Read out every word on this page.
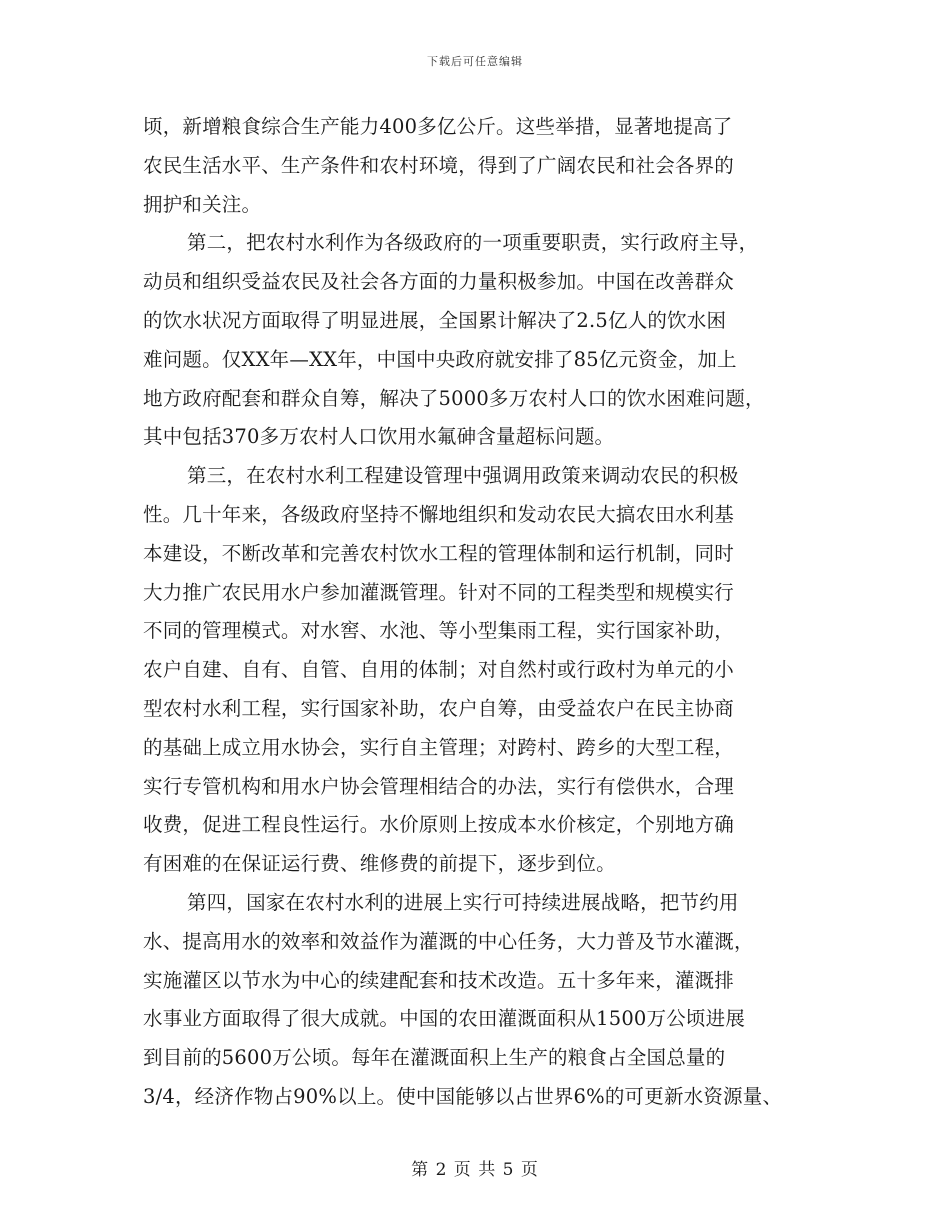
下载后可任意编辑
顷，新增粮食综合生产能力400多亿公斤。这些举措，显著地提高了
农民生活水平、生产条件和农村环境，得到了广阔农民和社会各界的
拥护和关注。
第二，把农村水利作为各级政府的一项重要职责，实行政府主导，
动员和组织受益农民及社会各方面的力量积极参加。中国在改善群众
的饮水状况方面取得了明显进展，全国累计解决了2.5亿人的饮水困
难问题。仅XX年—XX年，中国中央政府就安排了85亿元资金，加上
地方政府配套和群众自筹，解决了5000多万农村人口的饮水困难问题，
其中包括370多万农村人口饮用水氟砷含量超标问题。
第三，在农村水利工程建设管理中强调用政策来调动农民的积极
性。几十年来，各级政府坚持不懈地组织和发动农民大搞农田水利基
本建设，不断改革和完善农村饮水工程的管理体制和运行机制，同时
大力推广农民用水户参加灌溉管理。针对不同的工程类型和规模实行
不同的管理模式。对水窖、水池、等小型集雨工程，实行国家补助，
农户自建、自有、自管、自用的体制；对自然村或行政村为单元的小
型农村水利工程，实行国家补助，农户自筹，由受益农户在民主协商
的基础上成立用水协会，实行自主管理；对跨村、跨乡的大型工程，
实行专管机构和用水户协会管理相结合的办法，实行有偿供水，合理
收费，促进工程良性运行。水价原则上按成本水价核定，个别地方确
有困难的在保证运行费、维修费的前提下，逐步到位。
第四，国家在农村水利的进展上实行可持续进展战略，把节约用
水、提高用水的效率和效益作为灌溉的中心任务，大力普及节水灌溉，
实施灌区以节水为中心的续建配套和技术改造。五十多年来，灌溉排
水事业方面取得了很大成就。中国的农田灌溉面积从1500万公顷进展
到目前的5600万公顷。每年在灌溉面积上生产的粮食占全国总量的
3/4，经济作物占90%以上。使中国能够以占世界6%的可更新水资源量、
第 2 页 共 5 页
